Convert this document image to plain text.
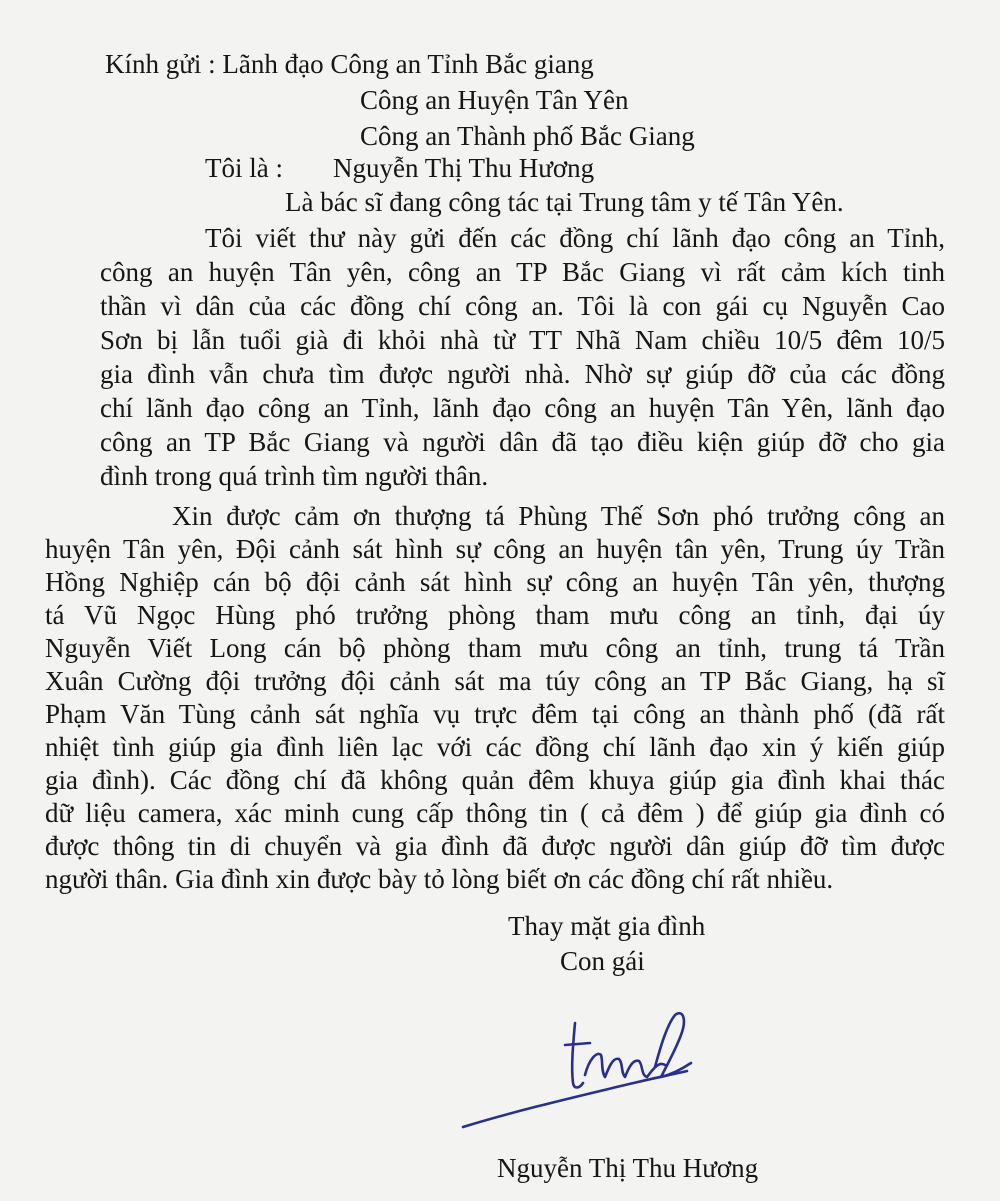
Kính gửi : Lãnh đạo Công an Tỉnh Bắc giang
Công an Huyện Tân Yên
Công an Thành phố Bắc Giang
Tôi là : Nguyễn Thị Thu Hương
Là bác sĩ đang công tác tại Trung tâm y tế Tân Yên.
Tôi viết thư này gửi đến các đồng chí lãnh đạo công an Tỉnh,
công an huyện Tân yên, công an TP Bắc Giang vì rất cảm kích tinh
thần vì dân của các đồng chí công an. Tôi là con gái cụ Nguyễn Cao
Sơn bị lẫn tuổi già đi khỏi nhà từ TT Nhã Nam chiều 10/5 đêm 10/5
gia đình vẫn chưa tìm được người nhà. Nhờ sự giúp đỡ của các đồng
chí lãnh đạo công an Tỉnh, lãnh đạo công an huyện Tân Yên, lãnh đạo
công an TP Bắc Giang và người dân đã tạo điều kiện giúp đỡ cho gia
đình trong quá trình tìm người thân.
Xin được cảm ơn thượng tá Phùng Thế Sơn phó trưởng công an
huyện Tân yên, Đội cảnh sát hình sự công an huyện tân yên, Trung úy Trần
Hồng Nghiệp cán bộ đội cảnh sát hình sự công an huyện Tân yên, thượng
tá Vũ Ngọc Hùng phó trưởng phòng tham mưu công an tỉnh, đại úy
Nguyễn Viết Long cán bộ phòng tham mưu công an tỉnh, trung tá Trần
Xuân Cường đội trưởng đội cảnh sát ma túy công an TP Bắc Giang, hạ sĩ
Phạm Văn Tùng cảnh sát nghĩa vụ trực đêm tại công an thành phố (đã rất
nhiệt tình giúp gia đình liên lạc với các đồng chí lãnh đạo xin ý kiến giúp
gia đình). Các đồng chí đã không quản đêm khuya giúp gia đình khai thác
dữ liệu camera, xác minh cung cấp thông tin ( cả đêm ) để giúp gia đình có
được thông tin di chuyển và gia đình đã được người dân giúp đỡ tìm được
người thân. Gia đình xin được bày tỏ lòng biết ơn các đồng chí rất nhiều.
Thay mặt gia đình
Con gái
Nguyễn Thị Thu Hương
